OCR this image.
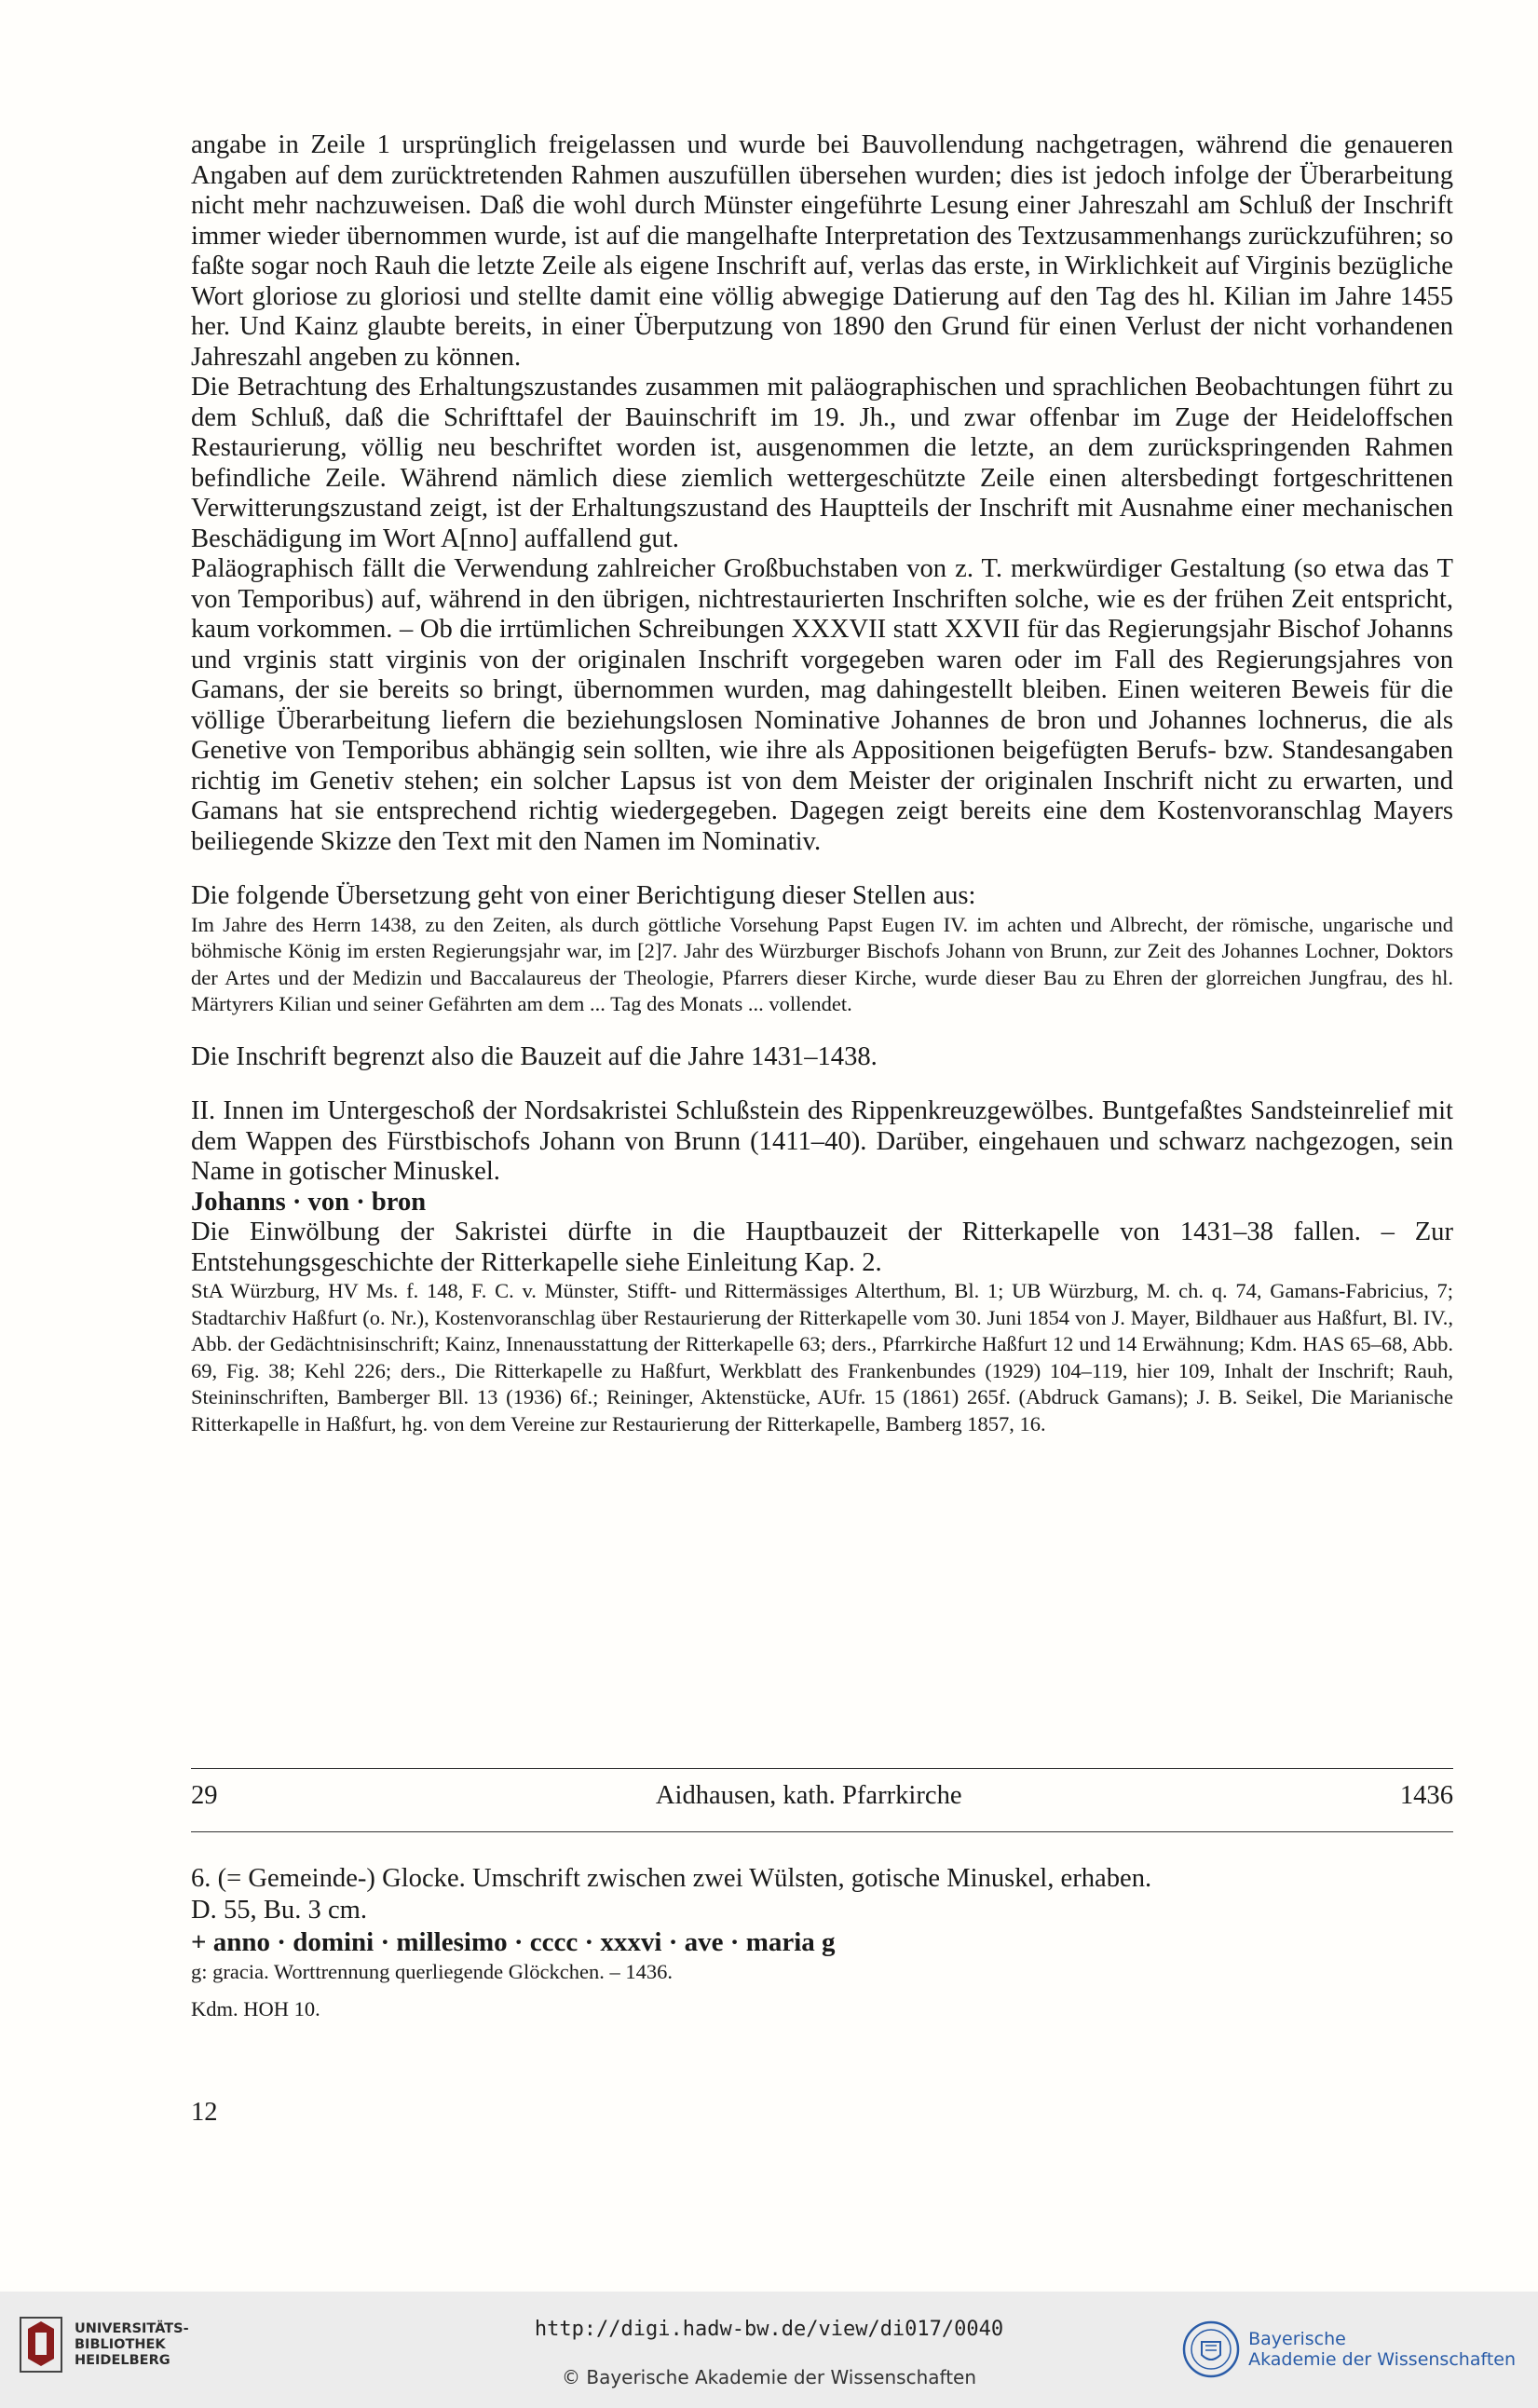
angabe in Zeile 1 ursprünglich freigelassen und wurde bei Bauvollendung nachgetragen, während die genaueren Angaben auf dem zurücktretenden Rahmen auszufüllen übersehen wurden; dies ist jedoch infolge der Überarbeitung nicht mehr nachzuweisen. Daß die wohl durch Münster eingeführte Lesung einer Jahreszahl am Schluß der Inschrift immer wieder übernommen wurde, ist auf die mangelhafte Interpretation des Textzusammenhangs zurückzuführen; so faßte sogar noch Rauh die letzte Zeile als eigene Inschrift auf, verlas das erste, in Wirklichkeit auf Virginis bezügliche Wort gloriose zu gloriosi und stellte damit eine völlig abwegige Datierung auf den Tag des hl. Kilian im Jahre 1455 her. Und Kainz glaubte bereits, in einer Überputzung von 1890 den Grund für einen Verlust der nicht vorhandenen Jahreszahl angeben zu können.

Die Betrachtung des Erhaltungszustandes zusammen mit paläographischen und sprachlichen Beobachtungen führt zu dem Schluß, daß die Schrifttafel der Bauinschrift im 19. Jh., und zwar offenbar im Zuge der Heideloffschen Restaurierung, völlig neu beschriftet worden ist, ausgenommen die letzte, an dem zurückspringenden Rahmen befindliche Zeile. Während nämlich diese ziemlich wettergeschützte Zeile einen altersbedingt fortgeschrittenen Verwitterungszustand zeigt, ist der Erhaltungszustand des Hauptteils der Inschrift mit Ausnahme einer mechanischen Beschädigung im Wort A[nno] auffallend gut.

Paläographisch fällt die Verwendung zahlreicher Großbuchstaben von z. T. merkwürdiger Gestaltung (so etwa das T von Temporibus) auf, während in den übrigen, nichtrestaurierten Inschriften solche, wie es der frühen Zeit entspricht, kaum vorkommen. – Ob die irrtümlichen Schreibungen XXXVII statt XXVII für das Regierungsjahr Bischof Johanns und vrginis statt virginis von der originalen Inschrift vorgegeben waren oder im Fall des Regierungsjahres von Gamans, der sie bereits so bringt, übernommen wurden, mag dahingestellt bleiben. Einen weiteren Beweis für die völlige Überarbeitung liefern die beziehungslosen Nominative Johannes de bron und Johannes lochnerus, die als Genetive von Temporibus abhängig sein sollten, wie ihre als Appositionen beigefügten Berufs- bzw. Standesangaben richtig im Genetiv stehen; ein solcher Lapsus ist von dem Meister der originalen Inschrift nicht zu erwarten, und Gamans hat sie entsprechend richtig wiedergegeben. Dagegen zeigt bereits eine dem Kostenvoranschlag Mayers beiliegende Skizze den Text mit den Namen im Nominativ.

Die folgende Übersetzung geht von einer Berichtigung dieser Stellen aus:

Im Jahre des Herrn 1438, zu den Zeiten, als durch göttliche Vorsehung Papst Eugen IV. im achten und Albrecht, der römische, ungarische und böhmische König im ersten Regierungsjahr war, im [2]7. Jahr des Würzburger Bischofs Johann von Brunn, zur Zeit des Johannes Lochner, Doktors der Artes und der Medizin und Baccalaureus der Theologie, Pfarrers dieser Kirche, wurde dieser Bau zu Ehren der glorreichen Jungfrau, des hl. Märtyrers Kilian und seiner Gefährten am dem ... Tag des Monats ... vollendet.

Die Inschrift begrenzt also die Bauzeit auf die Jahre 1431–1438.

II. Innen im Untergeschoß der Nordsakristei Schlußstein des Rippenkreuzgewölbes. Buntgefaßtes Sandsteinrelief mit dem Wappen des Fürstbischofs Johann von Brunn (1411–40). Darüber, eingehauen und schwarz nachgezogen, sein Name in gotischer Minuskel.

Johanns · von · bron

Die Einwölbung der Sakristei dürfte in die Hauptbauzeit der Ritterkapelle von 1431–38 fallen. – Zur Entstehungsgeschichte der Ritterkapelle siehe Einleitung Kap. 2.

StA Würzburg, HV Ms. f. 148, F. C. v. Münster, Stifft- und Rittermässiges Alterthum, Bl. 1; UB Würzburg, M. ch. q. 74, Gamans-Fabricius, 7; Stadtarchiv Haßfurt (o. Nr.), Kostenvoranschlag über Restaurierung der Ritterkapelle vom 30. Juni 1854 von J. Mayer, Bildhauer aus Haßfurt, Bl. IV., Abb. der Gedächtnisinschrift; Kainz, Innenausstattung der Ritterkapelle 63; ders., Pfarrkirche Haßfurt 12 und 14 Erwähnung; Kdm. HAS 65–68, Abb. 69, Fig. 38; Kehl 226; ders., Die Ritterkapelle zu Haßfurt, Werkblatt des Frankenbundes (1929) 104–119, hier 109, Inhalt der Inschrift; Rauh, Steininschriften, Bamberger Bll. 13 (1936) 6f.; Reininger, Aktenstücke, AUfr. 15 (1861) 265f. (Abdruck Gamans); J. B. Seikel, Die Marianische Ritterkapelle in Haßfurt, hg. von dem Vereine zur Restaurierung der Ritterkapelle, Bamberg 1857, 16.

29	Aidhausen, kath. Pfarrkirche	1436

6. (= Gemeinde-) Glocke. Umschrift zwischen zwei Wülsten, gotische Minuskel, erhaben.

D. 55, Bu. 3 cm.

+ anno · domini · millesimo · cccc · xxxvi · ave · maria g

g: gracia. Worttrennung querliegende Glöckchen. – 1436.

Kdm. HOH 10.

12
UNIVERSITÄTS-
BIBLIOTHEK
HEIDELBERG
http://digi.hadw-bw.de/view/di017/0040
© Bayerische Akademie der Wissenschaften
Bayerische
Akademie der Wissenschaften
